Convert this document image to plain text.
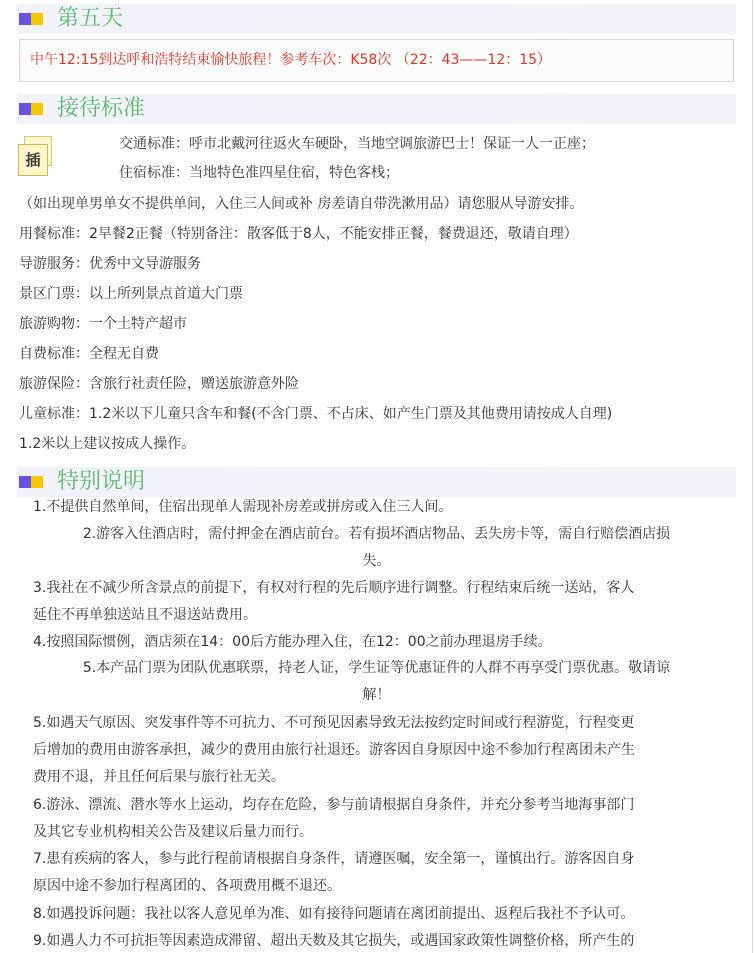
第五天
中午12:15到达呼和浩特结束愉快旅程！参考车次：K58次 （22：43——12：15）
接待标准
插
交通标准：呼市北戴河往返火车硬卧，当地空调旅游巴士！保证一人一正座；
住宿标准：当地特色准四星住宿，特色客栈；
（如出现单男单女不提供单间，入住三人间或补 房差请自带洗漱用品）请您服从导游安排。
用餐标准：2早餐2正餐（特别备注：散客低于8人，不能安排正餐，餐费退还，敬请自理）
导游服务：优秀中文导游服务
景区门票：以上所列景点首道大门票
旅游购物：一个土特产超市
自费标准：全程无自费
旅游保险：含旅行社责任险，赠送旅游意外险
儿童标准：1.2米以下儿童只含车和餐(不含门票、不占床、如产生门票及其他费用请按成人自理)
1.2米以上建议按成人操作。
特别说明
1.不提供自然单间，住宿出现单人需现补房差或拼房或入住三人间。
2.游客入住酒店时，需付押金在酒店前台。若有损坏酒店物品、丢失房卡等，需自行赔偿酒店损
失。
3.我社在不减少所含景点的前提下，有权对行程的先后顺序进行调整。行程结束后统一送站，客人
延住不再单独送站且不退送站费用。
4.按照国际惯例，酒店须在14：00后方能办理入住，在12：00之前办理退房手续。
5.本产品门票为团队优惠联票，持老人证，学生证等优惠证件的人群不再享受门票优惠。敬请谅
解！
5.如遇天气原因、突发事件等不可抗力、不可预见因素导致无法按约定时间或行程游览，行程变更
后增加的费用由游客承担，减少的费用由旅行社退还。游客因自身原因中途不参加行程离团未产生
费用不退，并且任何后果与旅行社无关。
6.游泳、漂流、潜水等水上运动，均存在危险，参与前请根据自身条件，并充分参考当地海事部门
及其它专业机构相关公告及建议后量力而行。
7.患有疾病的客人，参与此行程前请根据自身条件，请遵医嘱，安全第一，谨慎出行。游客因自身
原因中途不参加行程离团的、各项费用概不退还。
8.如遇投诉问题：我社以客人意见单为准、如有接待问题请在离团前提出、返程后我社不予认可。
9.如遇人力不可抗拒等因素造成滞留、超出天数及其它损失，或遇国家政策性调整价格，所产生的
